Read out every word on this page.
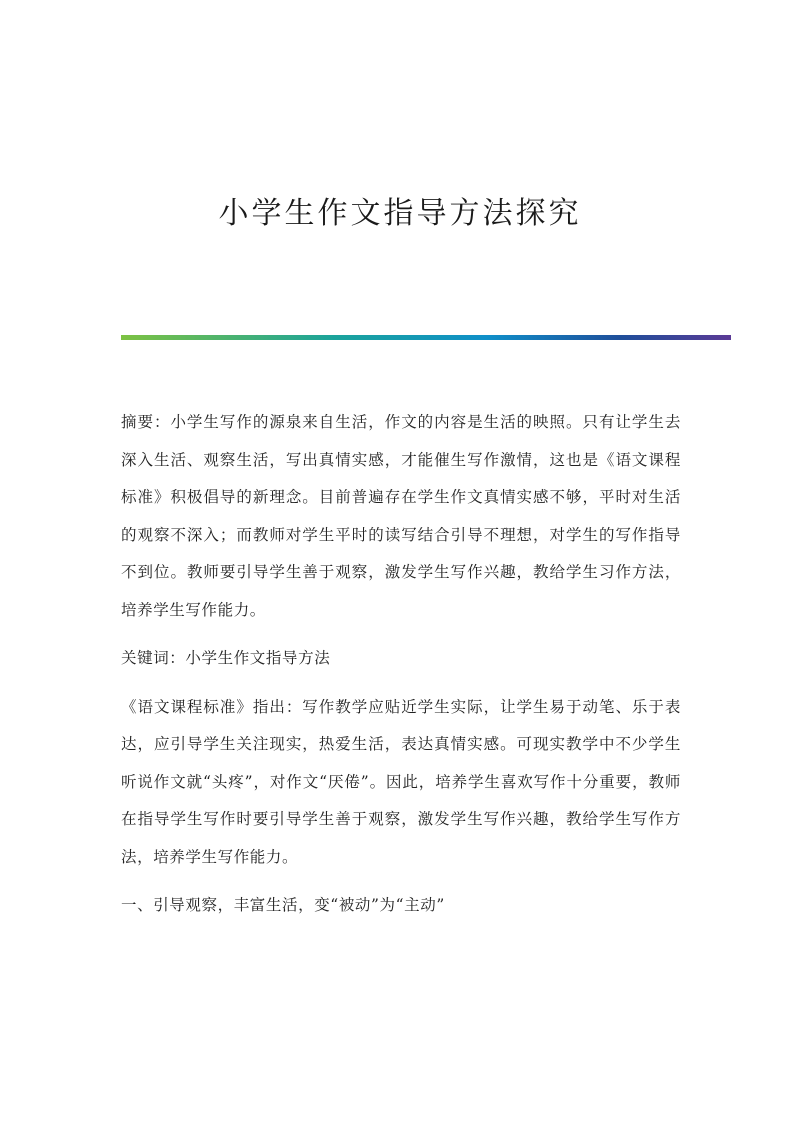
小学生作文指导方法探究

摘要：小学生写作的源泉来自生活，作文的内容是生活的映照。只有让学生去深入生活、观察生活，写出真情实感，才能催生写作激情，这也是《语文课程标准》积极倡导的新理念。目前普遍存在学生作文真情实感不够，平时对生活的观察不深入；而教师对学生平时的读写结合引导不理想，对学生的写作指导不到位。教师要引导学生善于观察，激发学生写作兴趣，教给学生习作方法，培养学生写作能力。

关键词：小学生作文指导方法

《语文课程标准》指出：写作教学应贴近学生实际，让学生易于动笔、乐于表达，应引导学生关注现实，热爱生活，表达真情实感。可现实教学中不少学生听说作文就“头疼”，对作文“厌倦”。因此，培养学生喜欢写作十分重要，教师在指导学生写作时要引导学生善于观察，激发学生写作兴趣，教给学生写作方法，培养学生写作能力。

一、引导观察，丰富生活，变“被动”为“主动”
